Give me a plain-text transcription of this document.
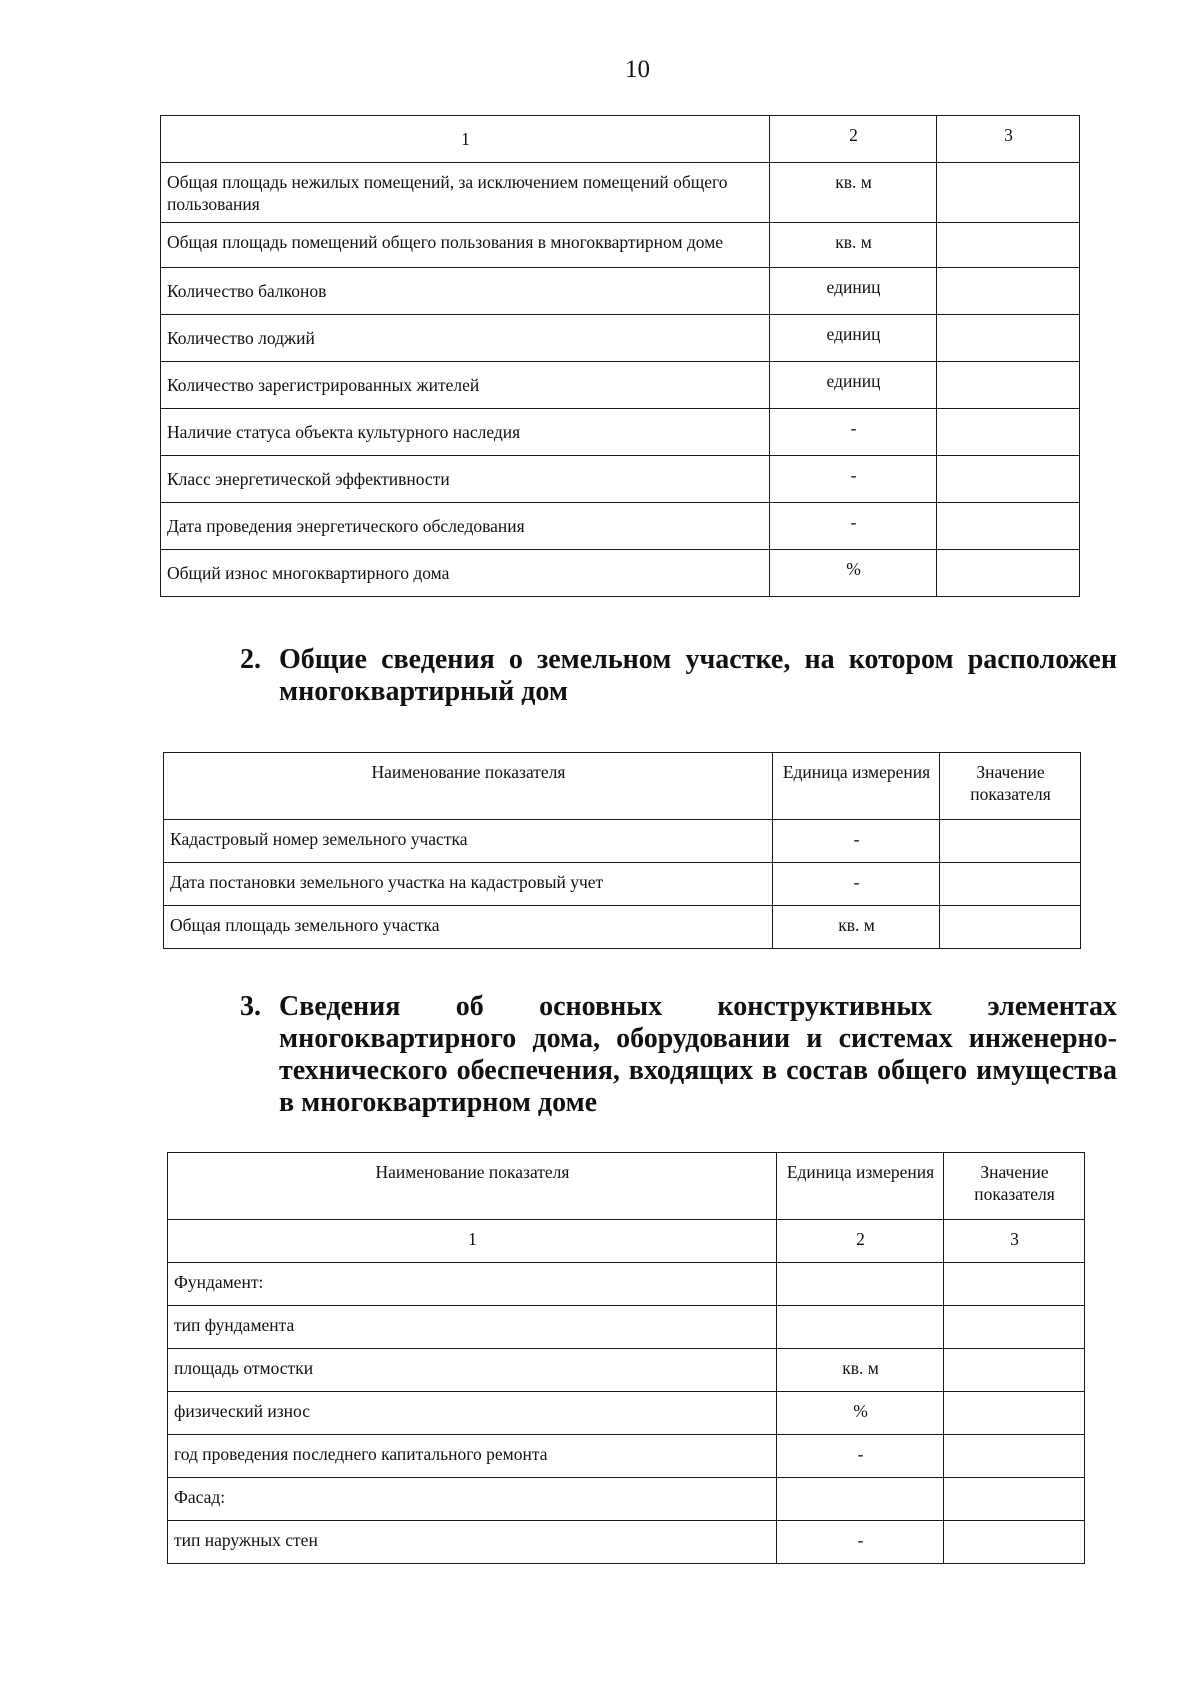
10
1	2	3
Общая площадь нежилых помещений, за исключением помещений общего пользования	кв. м	
Общая площадь помещений общего пользования в многоквартирном доме	кв. м	
Количество балконов	единиц	
Количество лоджий	единиц	
Количество зарегистрированных жителей	единиц	
Наличие статуса объекта культурного наследия	-	
Класс энергетической эффективности	-	
Дата проведения энергетического обследования	-	
Общий износ многоквартирного дома	%	
2. Общие сведения о земельном участке, на котором расположен многоквартирный дом
Наименование показателя	Единица измерения	Значение показателя
Кадастровый номер земельного участка	-	
Дата постановки земельного участка на кадастровый учет	-	
Общая площадь земельного участка	кв. м	
3. Сведения об основных конструктивных элементах многоквартирного дома, оборудовании и системах инженерно-технического обеспечения, входящих в состав общего имущества в многоквартирном доме
Наименование показателя	Единица измерения	Значение показателя
1	2	3
Фундамент:		
тип фундамента		
площадь отмостки	кв. м	
физический износ	%	
год проведения последнего капитального ремонта	-	
Фасад:		
тип наружных стен	-	
